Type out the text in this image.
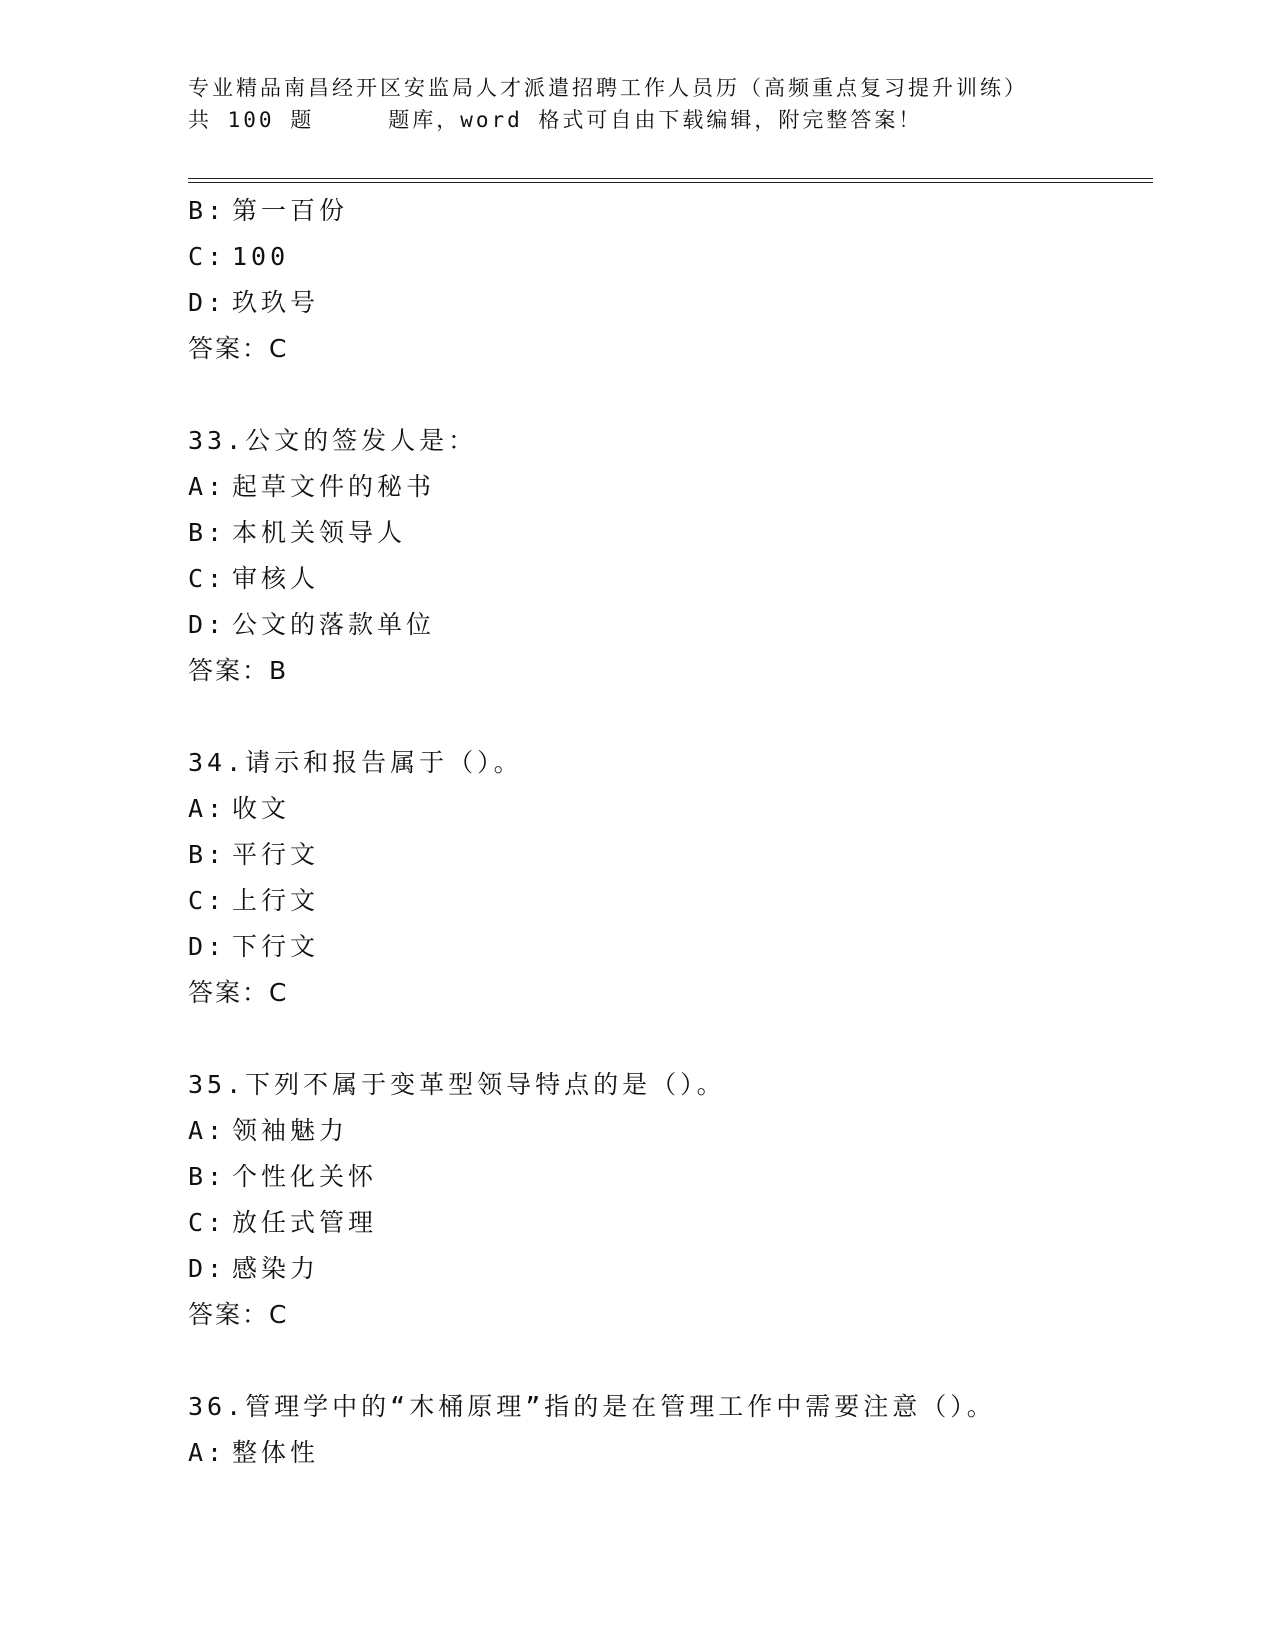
专业精品南昌经开区安监局人才派遣招聘工作人员历（高频重点复习提升训练）
共 100 题	题库，word 格式可自由下载编辑，附完整答案！
B: 第一百份
C: 100
D: 玖玖号
答案：C
33.公文的签发人是：
A: 起草文件的秘书
B: 本机关领导人
C: 审核人
D: 公文的落款单位
答案：B
34.请示和报告属于（）。
A: 收文
B: 平行文
C: 上行文
D: 下行文
答案：C
35.下列不属于变革型领导特点的是（）。
A: 领袖魅力
B: 个性化关怀
C: 放任式管理
D: 感染力
答案：C
36.管理学中的“木桶原理”指的是在管理工作中需要注意（）。
A: 整体性
